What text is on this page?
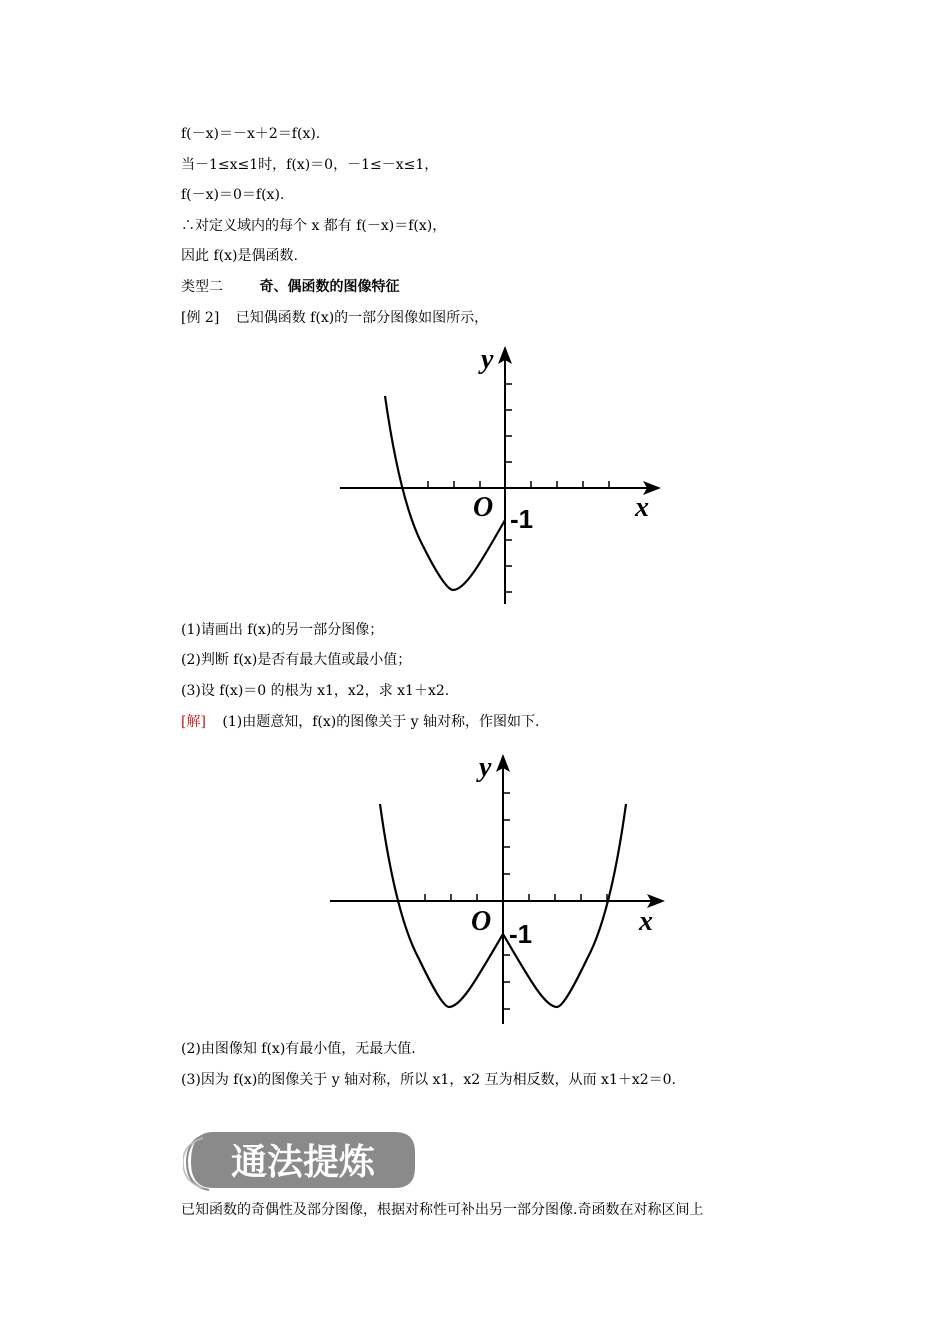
f(－x)＝－x＋2＝f(x).
当－1≤x≤1时，f(x)＝0，－1≤－x≤1，
f(－x)＝0＝f(x).
∴对定义域内的每个 x 都有 f(－x)＝f(x)，
因此 f(x)是偶函数.
类型二	奇、偶函数的图像特征
[例 2] 已知偶函数 f(x)的一部分图像如图所示，
y
x
O -1
(1)请画出 f(x)的另一部分图像；
(2)判断 f(x)是否有最大值或最小值；
(3)设 f(x)＝0 的根为 x1，x2，求 x1＋x2.
[解] (1)由题意知，f(x)的图像关于 y 轴对称，作图如下.
y
x
O -1
(2)由图像知 f(x)有最小值，无最大值.
(3)因为 f(x)的图像关于 y 轴对称，所以 x1，x2 互为相反数，从而 x1＋x2＝0.
通法提炼
已知函数的奇偶性及部分图像，根据对称性可补出另一部分图像.奇函数在对称区间上
